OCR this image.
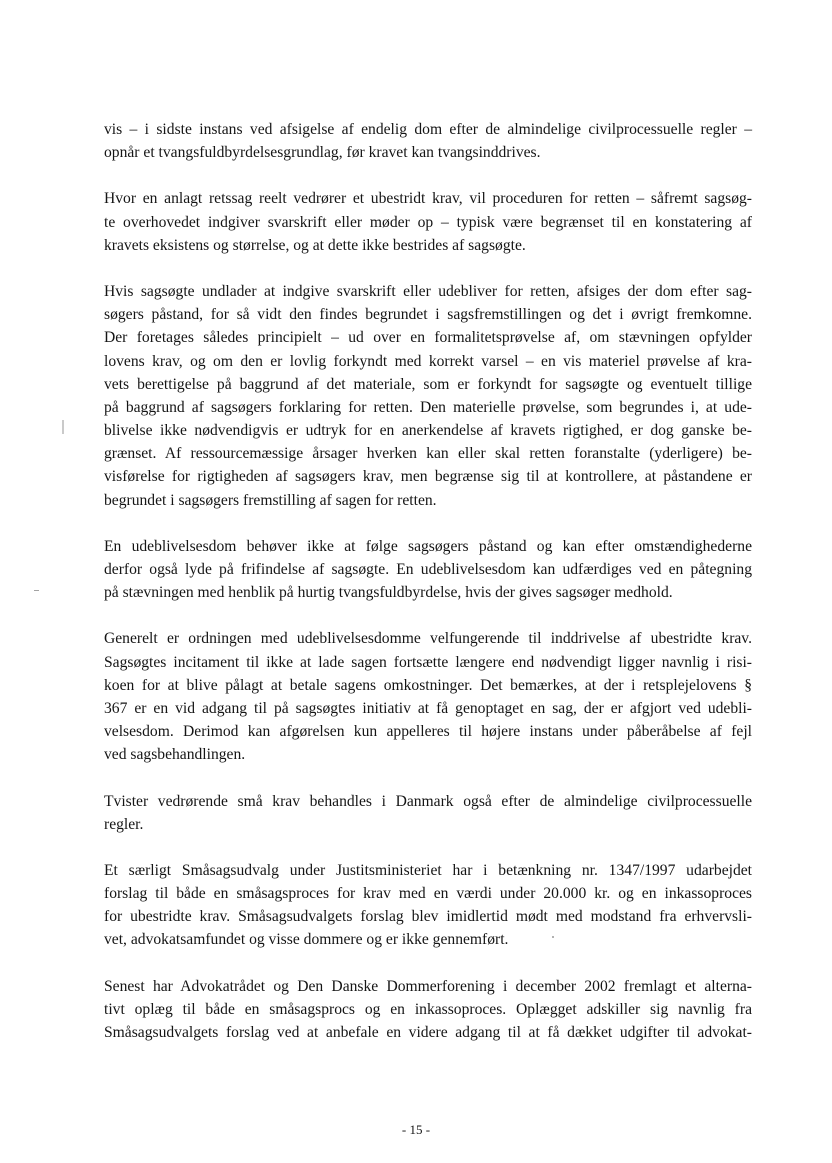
vis – i sidste instans ved afsigelse af endelig dom efter de almindelige civilprocessuelle regler –
opnår et tvangsfuldbyrdelsesgrundlag, før kravet kan tvangsinddrives.
Hvor en anlagt retssag reelt vedrører et ubestridt krav, vil proceduren for retten – såfremt sagsøg-
te overhovedet indgiver svarskrift eller møder op – typisk være begrænset til en konstatering af
kravets eksistens og størrelse, og at dette ikke bestrides af sagsøgte.
Hvis sagsøgte undlader at indgive svarskrift eller udebliver for retten, afsiges der dom efter sag-
søgers påstand, for så vidt den findes begrundet i sagsfremstillingen og det i øvrigt fremkomne.
Der foretages således principielt – ud over en formalitetsprøvelse af, om stævningen opfylder
lovens krav, og om den er lovlig forkyndt med korrekt varsel – en vis materiel prøvelse af kra-
vets berettigelse på baggrund af det materiale, som er forkyndt for sagsøgte og eventuelt tillige
på baggrund af sagsøgers forklaring for retten. Den materielle prøvelse, som begrundes i, at ude-
blivelse ikke nødvendigvis er udtryk for en anerkendelse af kravets rigtighed, er dog ganske be-
grænset. Af ressourcemæssige årsager hverken kan eller skal retten foranstalte (yderligere) be-
visførelse for rigtigheden af sagsøgers krav, men begrænse sig til at kontrollere, at påstandene er
begrundet i sagsøgers fremstilling af sagen for retten.
En udeblivelsesdom behøver ikke at følge sagsøgers påstand og kan efter omstændighederne
derfor også lyde på frifindelse af sagsøgte. En udeblivelsesdom kan udfærdiges ved en påtegning
på stævningen med henblik på hurtig tvangsfuldbyrdelse, hvis der gives sagsøger medhold.
Generelt er ordningen med udeblivelsesdomme velfungerende til inddrivelse af ubestridte krav.
Sagsøgtes incitament til ikke at lade sagen fortsætte længere end nødvendigt ligger navnlig i risi-
koen for at blive pålagt at betale sagens omkostninger. Det bemærkes, at der i retsplejelovens §
367 er en vid adgang til på sagsøgtes initiativ at få genoptaget en sag, der er afgjort ved udebli-
velsesdom. Derimod kan afgørelsen kun appelleres til højere instans under påberåbelse af fejl
ved sagsbehandlingen.
Tvister vedrørende små krav behandles i Danmark også efter de almindelige civilprocessuelle
regler.
Et særligt Småsagsudvalg under Justitsministeriet har i betænkning nr. 1347/1997 udarbejdet
forslag til både en småsagsproces for krav med en værdi under 20.000 kr. og en inkassoproces
for ubestridte krav. Småsagsudvalgets forslag blev imidlertid mødt med modstand fra erhvervsli-
vet, advokatsamfundet og visse dommere og er ikke gennemført.
Senest har Advokatrådet og Den Danske Dommerforening i december 2002 fremlagt et alterna-
tivt oplæg til både en småsagsprocs og en inkassoproces. Oplægget adskiller sig navnlig fra
Småsagsudvalgets forslag ved at anbefale en videre adgang til at få dækket udgifter til advokat-
- 15 -
